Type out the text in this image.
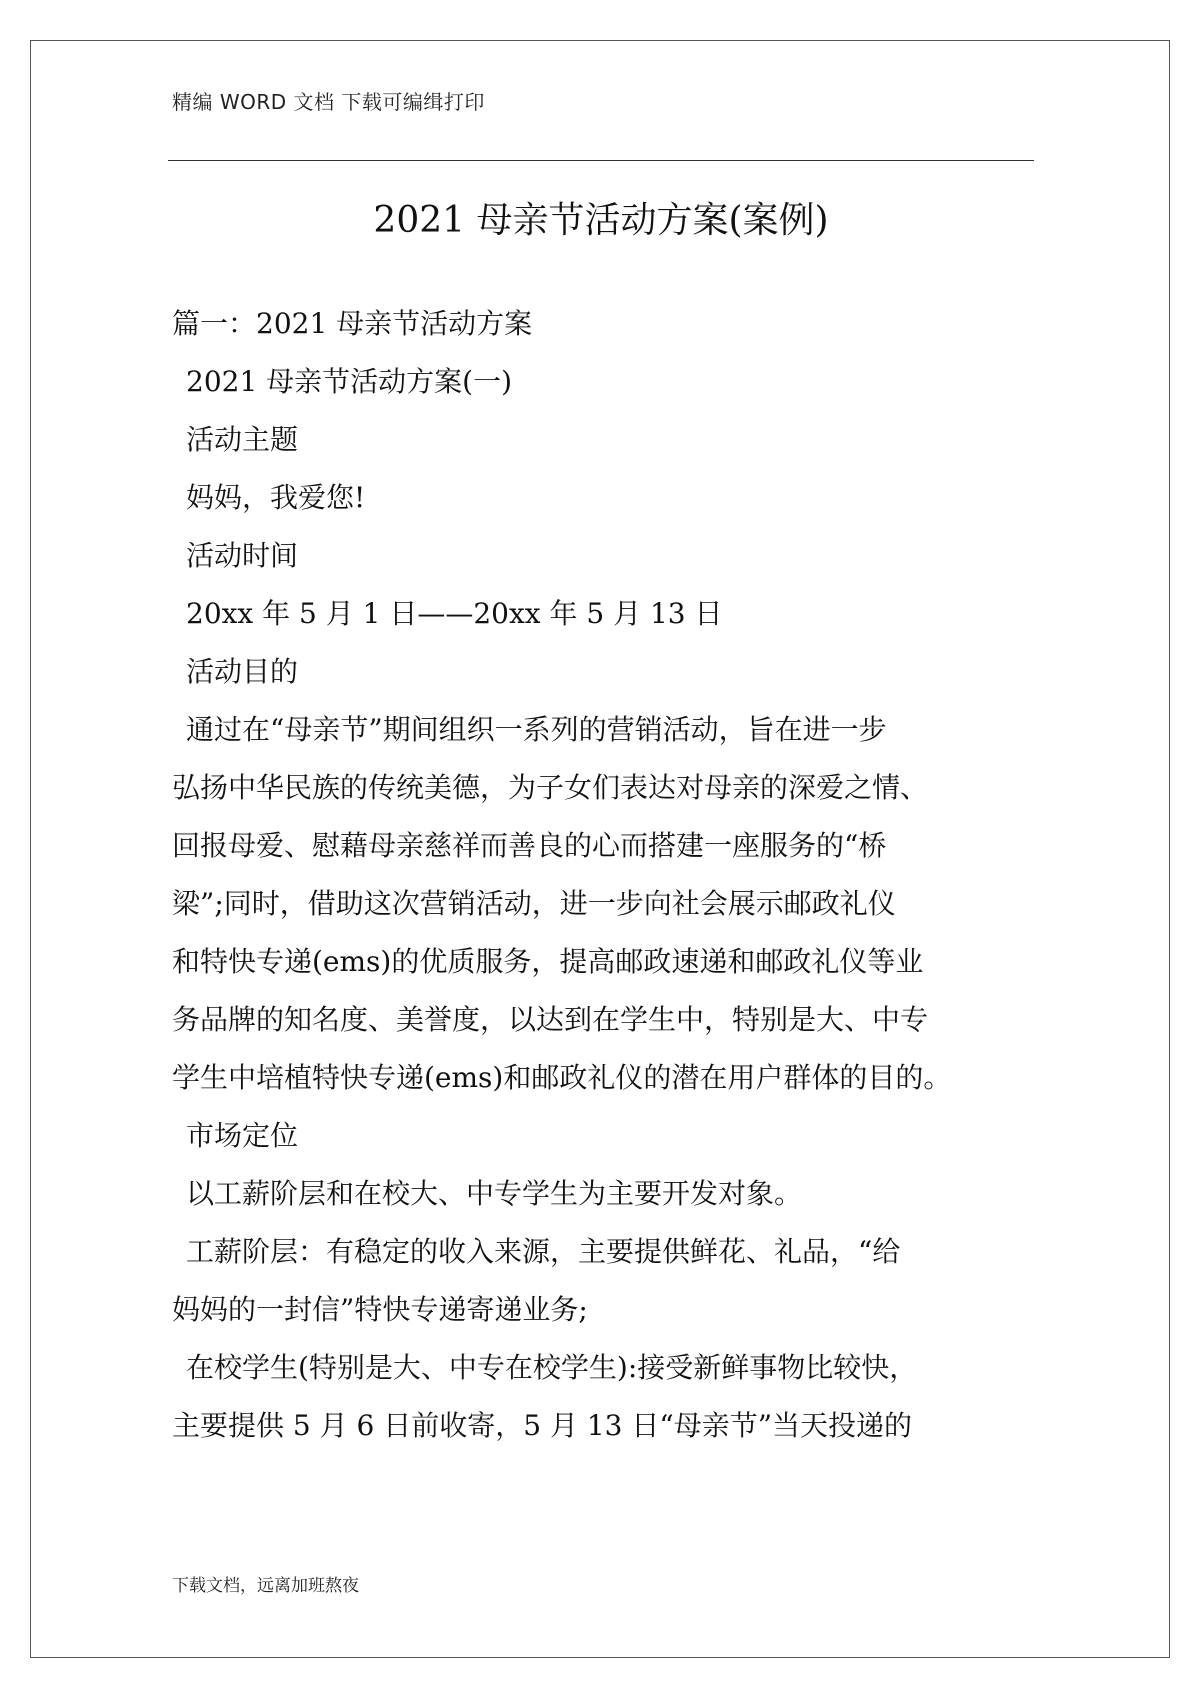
精编 WORD 文档 下载可编缉打印
2021 母亲节活动方案(案例)
篇一：2021 母亲节活动方案
2021 母亲节活动方案(一)
活动主题
妈妈，我爱您!
活动时间
20xx 年 5 月 1 日——20xx 年 5 月 13 日
活动目的
通过在“母亲节”期间组织一系列的营销活动，旨在进一步
弘扬中华民族的传统美德，为子女们表达对母亲的深爱之情、
回报母爱、慰藉母亲慈祥而善良的心而搭建一座服务的“桥
梁”;同时，借助这次营销活动，进一步向社会展示邮政礼仪
和特快专递(ems)的优质服务，提高邮政速递和邮政礼仪等业
务品牌的知名度、美誉度，以达到在学生中，特别是大、中专
学生中培植特快专递(ems)和邮政礼仪的潜在用户群体的目的。
市场定位
以工薪阶层和在校大、中专学生为主要开发对象。
工薪阶层：有稳定的收入来源，主要提供鲜花、礼品，“给
妈妈的一封信”特快专递寄递业务;
在校学生(特别是大、中专在校学生):接受新鲜事物比较快，
主要提供 5 月 6 日前收寄，5 月 13 日“母亲节”当天投递的
下载文档，远离加班熬夜
